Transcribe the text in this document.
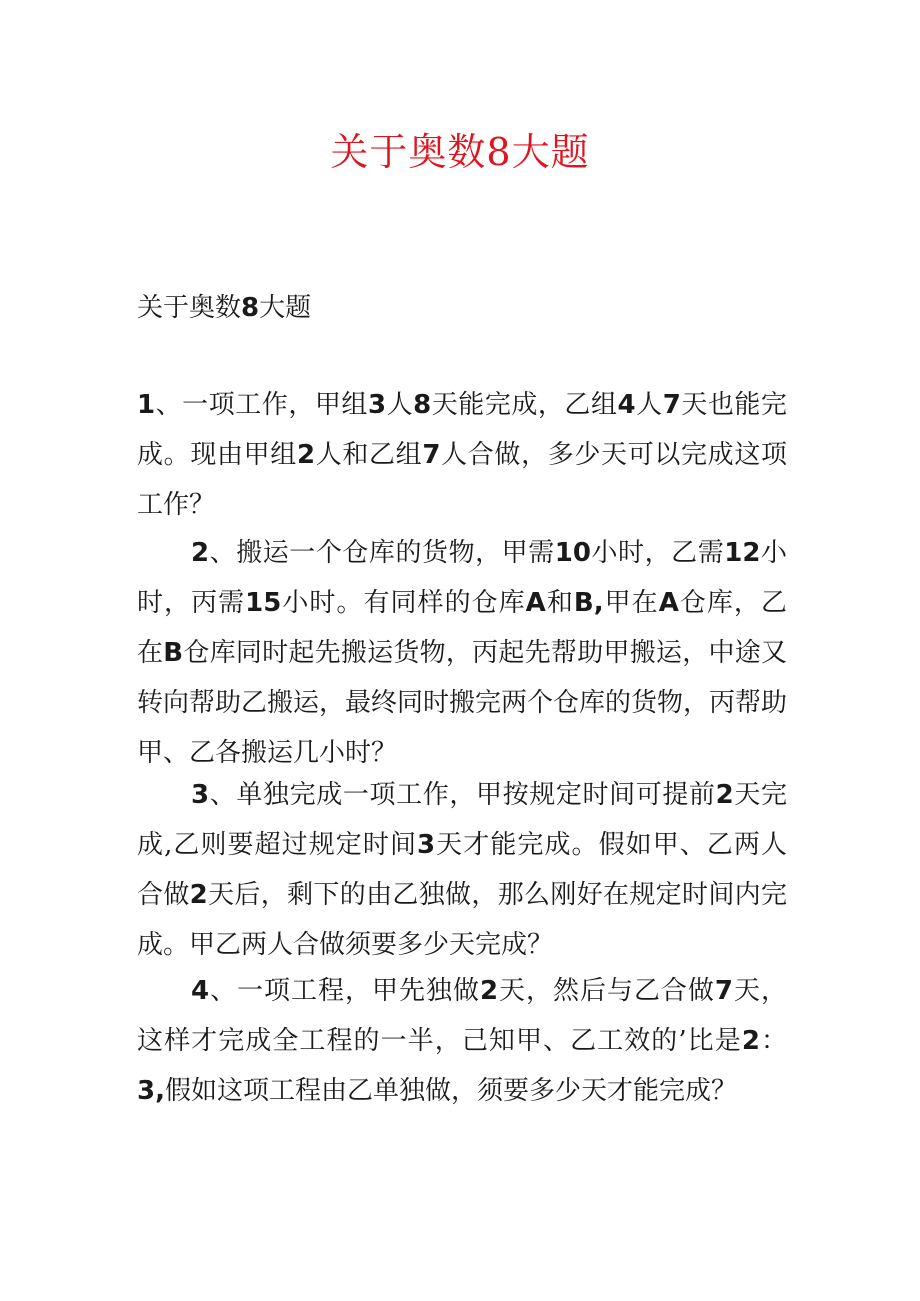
关于奥数8大题
关于奥数8大题

1、一项工作，甲组3人8天能完成，乙组4人7天也能完成。现由甲组2人和乙组7人合做，多少天可以完成这项工作？

2、搬运一个仓库的货物，甲需10小时，乙需12小时，丙需15小时。有同样的仓库A和B,甲在A仓库，乙在B仓库同时起先搬运货物，丙起先帮助甲搬运，中途又转向帮助乙搬运，最终同时搬完两个仓库的货物，丙帮助甲、乙各搬运几小时？

3、单独完成一项工作，甲按规定时间可提前2天完成,乙则要超过规定时间3天才能完成。假如甲、乙两人合做2天后，剩下的由乙独做，那么刚好在规定时间内完成。甲乙两人合做须要多少天完成？

4、一项工程，甲先独做2天，然后与乙合做7天，这样才完成全工程的一半，己知甲、乙工效的’比是2：3,假如这项工程由乙单独做，须要多少天才能完成？
